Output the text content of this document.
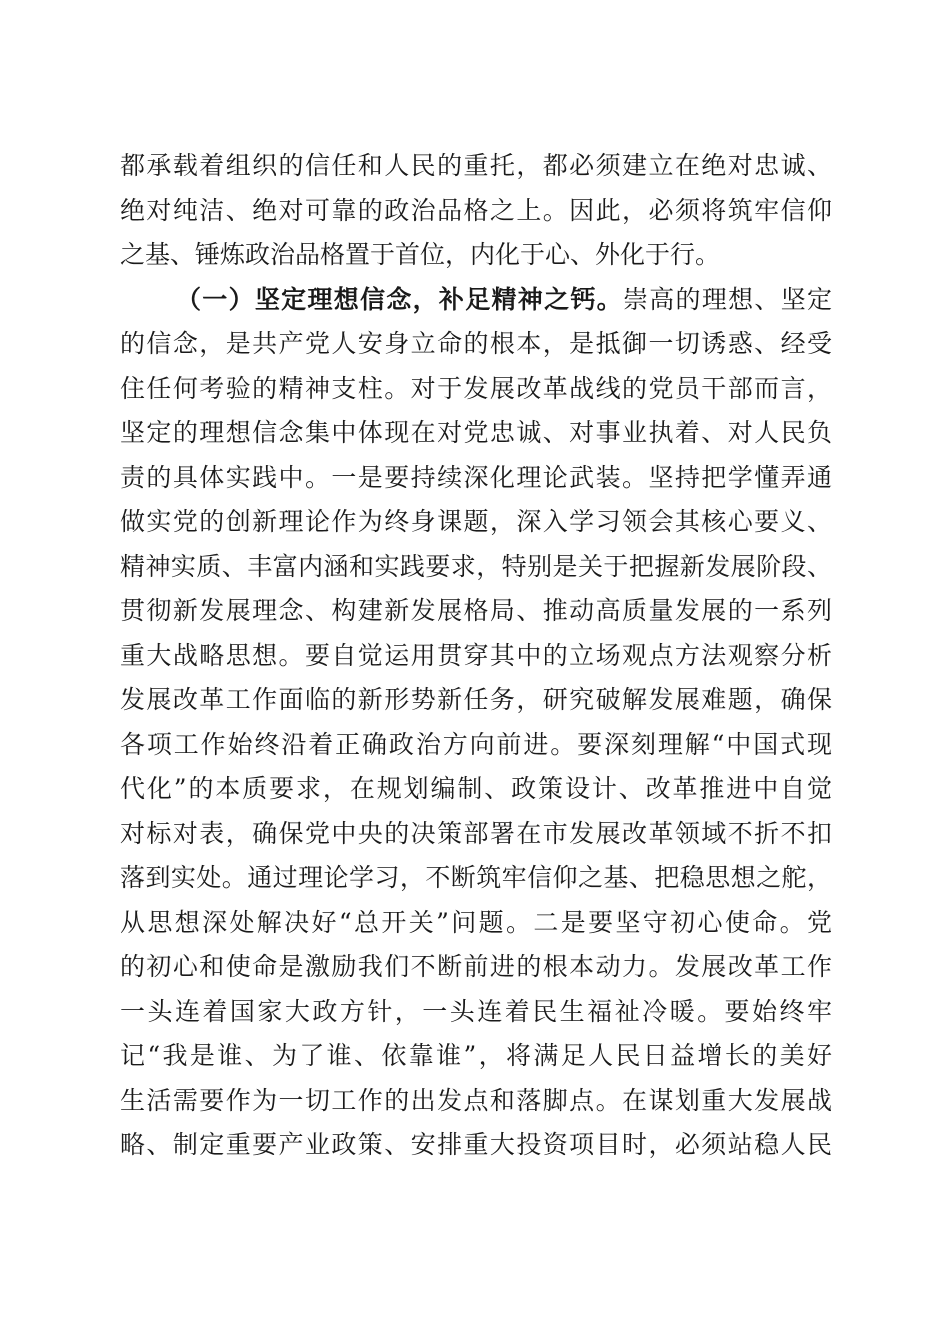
都承载着组织的信任和人民的重托，都必须建立在绝对忠诚、
绝对纯洁、绝对可靠的政治品格之上。因此，必须将筑牢信仰
之基、锤炼政治品格置于首位，内化于心、外化于行。
（一）坚定理想信念，补足精神之钙。崇高的理想、坚定
的信念，是共产党人安身立命的根本，是抵御一切诱惑、经受
住任何考验的精神支柱。对于发展改革战线的党员干部而言，
坚定的理想信念集中体现在对党忠诚、对事业执着、对人民负
责的具体实践中。一是要持续深化理论武装。坚持把学懂弄通
做实党的创新理论作为终身课题，深入学习领会其核心要义、
精神实质、丰富内涵和实践要求，特别是关于把握新发展阶段、
贯彻新发展理念、构建新发展格局、推动高质量发展的一系列
重大战略思想。要自觉运用贯穿其中的立场观点方法观察分析
发展改革工作面临的新形势新任务，研究破解发展难题，确保
各项工作始终沿着正确政治方向前进。要深刻理解“中国式现
代化”的本质要求，在规划编制、政策设计、改革推进中自觉
对标对表，确保党中央的决策部署在市发展改革领域不折不扣
落到实处。通过理论学习，不断筑牢信仰之基、把稳思想之舵，
从思想深处解决好“总开关”问题。二是要坚守初心使命。党
的初心和使命是激励我们不断前进的根本动力。发展改革工作
一头连着国家大政方针，一头连着民生福祉冷暖。要始终牢
记“我是谁、为了谁、依靠谁”，将满足人民日益增长的美好
生活需要作为一切工作的出发点和落脚点。在谋划重大发展战
略、制定重要产业政策、安排重大投资项目时，必须站稳人民
